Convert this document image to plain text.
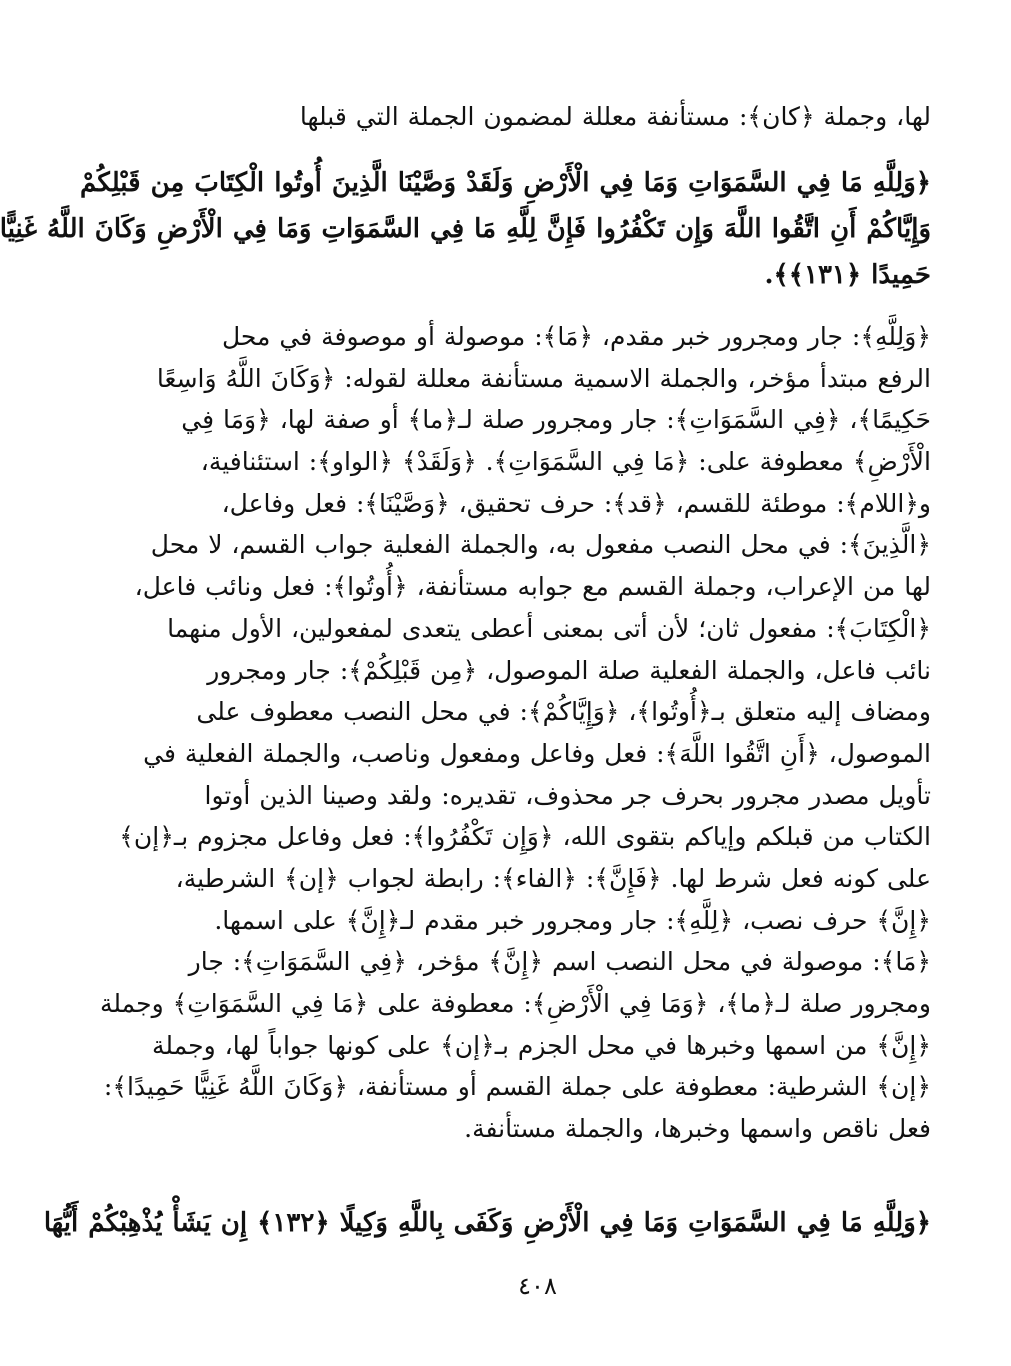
لها، وجملة ﴿كان﴾: مستأنفة معللة لمضمون الجملة التي قبلها
﴿وَلِلَّهِ مَا فِي السَّمَوَاتِ وَمَا فِي الْأَرْضِ وَلَقَدْ وَصَّيْنَا الَّذِينَ أُوتُوا الْكِتَابَ مِن قَبْلِكُمْ
وَإِيَّاكُمْ أَنِ اتَّقُوا اللَّهَ وَإِن تَكْفُرُوا فَإِنَّ لِلَّهِ مَا فِي السَّمَوَاتِ وَمَا فِي الْأَرْضِ وَكَانَ اللَّهُ غَنِيًّا
حَمِيدًا ﴿١٣١﴾﴾.
﴿وَلِلَّهِ﴾: جار ومجرور خبر مقدم، ﴿مَا﴾: موصولة أو موصوفة في محل
الرفع مبتدأ مؤخر، والجملة الاسمية مستأنفة معللة لقوله: ﴿وَكَانَ اللَّهُ وَاسِعًا
حَكِيمًا﴾، ﴿فِي السَّمَوَاتِ﴾: جار ومجرور صلة لـ﴿ما﴾ أو صفة لها، ﴿وَمَا فِي
الْأَرْضِ﴾ معطوفة على: ﴿مَا فِي السَّمَوَاتِ﴾. ﴿وَلَقَدْ﴾ ﴿الواو﴾: استئنافية،
و﴿اللام﴾: موطئة للقسم، ﴿قد﴾: حرف تحقيق، ﴿وَصَّيْنَا﴾: فعل وفاعل،
﴿الَّذِينَ﴾: في محل النصب مفعول به، والجملة الفعلية جواب القسم، لا محل
لها من الإعراب، وجملة القسم مع جوابه مستأنفة، ﴿أُوتُوا﴾: فعل ونائب فاعل،
﴿الْكِتَابَ﴾: مفعول ثان؛ لأن أتى بمعنى أعطى يتعدى لمفعولين، الأول منهما
نائب فاعل، والجملة الفعلية صلة الموصول، ﴿مِن قَبْلِكُمْ﴾: جار ومجرور
ومضاف إليه متعلق بـ﴿أُوتُوا﴾، ﴿وَإِيَّاكُمْ﴾: في محل النصب معطوف على
الموصول، ﴿أَنِ اتَّقُوا اللَّهَ﴾: فعل وفاعل ومفعول وناصب، والجملة الفعلية في
تأويل مصدر مجرور بحرف جر محذوف، تقديره: ولقد وصينا الذين أوتوا
الكتاب من قبلكم وإياكم بتقوى الله، ﴿وَإِن تَكْفُرُوا﴾: فعل وفاعل مجزوم بـ﴿إن﴾
على كونه فعل شرط لها. ﴿فَإِنَّ﴾: ﴿الفاء﴾: رابطة لجواب ﴿إن﴾ الشرطية،
﴿إِنَّ﴾ حرف نصب، ﴿لِلَّهِ﴾: جار ومجرور خبر مقدم لـ﴿إِنَّ﴾ على اسمها.
﴿مَا﴾: موصولة في محل النصب اسم ﴿إِنَّ﴾ مؤخر، ﴿فِي السَّمَوَاتِ﴾: جار
ومجرور صلة لـ﴿ما﴾، ﴿وَمَا فِي الْأَرْضِ﴾: معطوفة على ﴿مَا فِي السَّمَوَاتِ﴾ وجملة
﴿إِنَّ﴾ من اسمها وخبرها في محل الجزم بـ﴿إن﴾ على كونها جواباً لها، وجملة
﴿إن﴾ الشرطية: معطوفة على جملة القسم أو مستأنفة، ﴿وَكَانَ اللَّهُ غَنِيًّا حَمِيدًا﴾:
فعل ناقص واسمها وخبرها، والجملة مستأنفة.
﴿وَلِلَّهِ مَا فِي السَّمَوَاتِ وَمَا فِي الْأَرْضِ وَكَفَى بِاللَّهِ وَكِيلًا ﴿١٣٢﴾ إِن يَشَأْ يُذْهِبْكُمْ أَيُّهَا
٤٠٨
